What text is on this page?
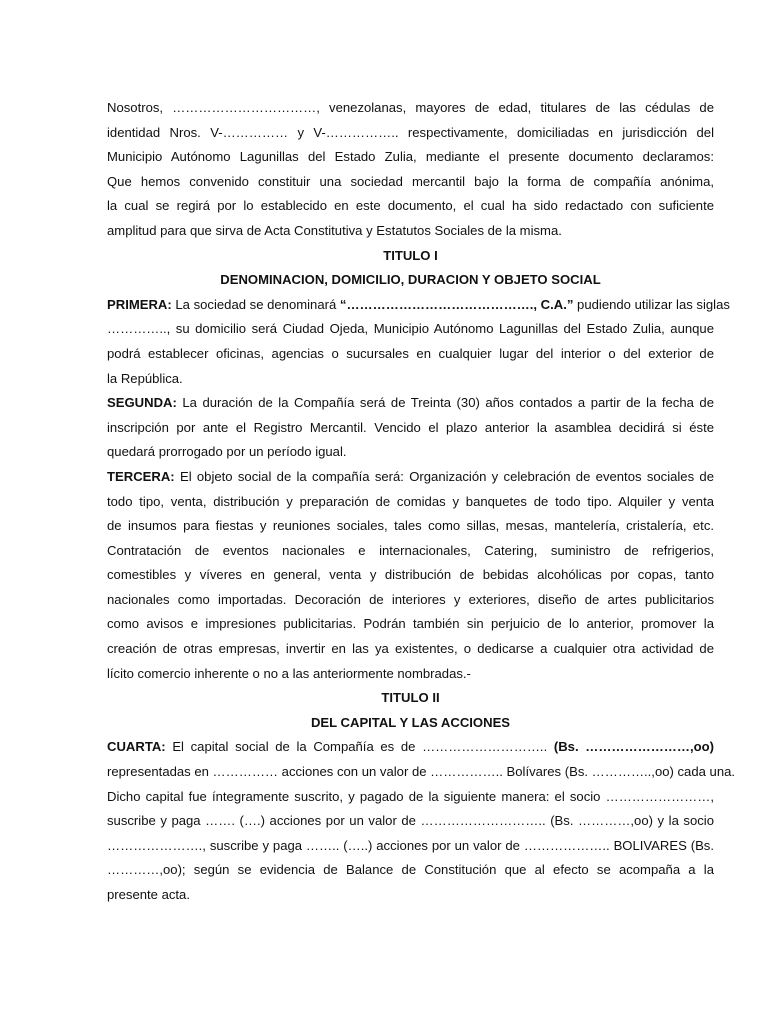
Nosotros, ……………………………, venezolanas, mayores de edad, titulares de las cédulas de
identidad Nros. V-…………… y V-…………….. respectivamente, domiciliadas en jurisdicción del
Municipio Autónomo Lagunillas del Estado Zulia, mediante el presente documento declaramos:
Que hemos convenido constituir una sociedad mercantil bajo la forma de compañía anónima,
la cual se regirá por lo establecido en este documento, el cual ha sido redactado con suficiente
amplitud para que sirva de Acta Constitutiva y Estatutos Sociales de la misma.
TITULO I
DENOMINACION, DOMICILIO, DURACION Y OBJETO SOCIAL
PRIMERA: La sociedad se denominará “……………………………………., C.A.” pudiendo utilizar las siglas
………….., su domicilio será Ciudad Ojeda, Municipio Autónomo Lagunillas del Estado Zulia, aunque
podrá establecer oficinas, agencias o sucursales en cualquier lugar del interior o del exterior de
la República.
SEGUNDA: La duración de la Compañía será de Treinta (30) años contados a partir de la fecha de
inscripción por ante el Registro Mercantil. Vencido el plazo anterior la asamblea decidirá si éste
quedará prorrogado por un período igual.
TERCERA: El objeto social de la compañía será: Organización y celebración de eventos sociales de
todo tipo, venta, distribución y preparación de comidas y banquetes de todo tipo. Alquiler y venta
de insumos para fiestas y reuniones sociales, tales como sillas, mesas, mantelería, cristalería, etc.
Contratación de eventos nacionales e internacionales, Catering, suministro de refrigerios,
comestibles y víveres en general, venta y distribución de bebidas alcohólicas por copas, tanto
nacionales como importadas. Decoración de interiores y exteriores, diseño de artes publicitarios
como avisos e impresiones publicitarias. Podrán también sin perjuicio de lo anterior, promover la
creación de otras empresas, invertir en las ya existentes, o dedicarse a cualquier otra actividad de
lícito comercio inherente o no a las anteriormente nombradas.-
TITULO II
DEL CAPITAL Y LAS ACCIONES
CUARTA: El capital social de la Compañía es de ……………………….. (Bs. ……………………,oo)
representadas en …………… acciones con un valor de …………….. Bolívares (Bs. …………..,oo) cada una.
Dicho capital fue íntegramente suscrito, y pagado de la siguiente manera: el socio ……………………,
suscribe y paga ……. (….) acciones por un valor de ……………………….. (Bs. …………,oo) y la socio
…………………., suscribe y paga …….. (…..) acciones por un valor de ……………….. BOLIVARES (Bs.
…………,oo); según se evidencia de Balance de Constitución que al efecto se acompaña a la
presente acta.
